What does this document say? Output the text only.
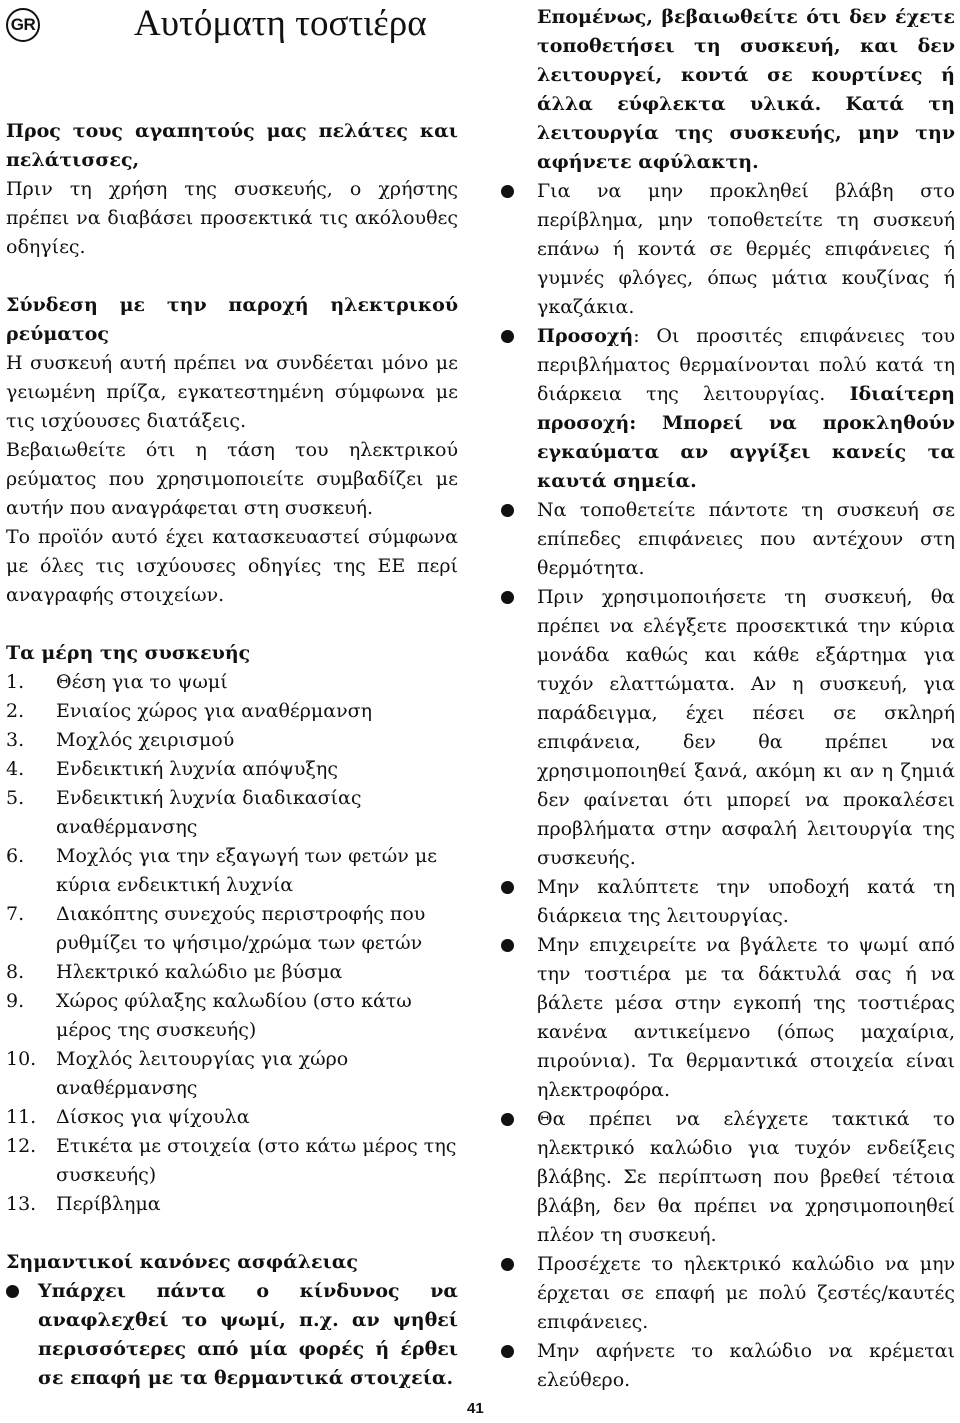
GR	Αυτόματη τοστιέρα

Προς τους αγαπητούς μας πελάτες και πελάτισσες,

Πριν τη χρήση της συσκευής, ο χρήστης πρέπει να διαβάσει προσεκτικά τις ακόλουθες οδηγίες.

Σύνδεση με την παροχή ηλεκτρικού ρεύματος

Η συσκευή αυτή πρέπει να συνδέεται μόνο με γειωμένη πρίζα, εγκατεστημένη σύμφωνα με τις ισχύουσες διατάξεις.

Βεβαιωθείτε ότι η τάση του ηλεκτρικού ρεύματος που χρησιμοποιείτε συμβαδίζει με αυτήν που αναγράφεται στη συσκευή.

Το προϊόν αυτό έχει κατασκευαστεί σύμφωνα με όλες τις ισχύουσες οδηγίες της ΕΕ περί αναγραφής στοιχείων.

Τα μέρη της συσκευής

1. Θέση για το ψωμί
2. Ενιαίος χώρος για αναθέρμανση
3. Μοχλός χειρισμού
4. Ενδεικτική λυχνία απόψυξης
5. Ενδεικτική λυχνία διαδικασίας αναθέρμανσης
6. Μοχλός για την εξαγωγή των φετών με κύρια ενδεικτική λυχνία
7. Διακόπτης συνεχούς περιστροφής που ρυθμίζει το ψήσιμο/χρώμα των φετών
8. Ηλεκτρικό καλώδιο με βύσμα
9. Χώρος φύλαξης καλωδίου (στο κάτω μέρος της συσκευής)
10. Μοχλός λειτουργίας για χώρο αναθέρμανσης
11. Δίσκος για ψίχουλα
12. Ετικέτα με στοιχεία (στο κάτω μέρος της συσκευής)
13. Περίβλημα

Σημαντικοί κανόνες ασφάλειας

Υπάρχει πάντα ο κίνδυνος να αναφλεχθεί το ψωμί, π.χ. αν ψηθεί περισσότερες από μία φορές ή έρθει σε επαφή με τα θερμαντικά στοιχεία.

Επομένως, βεβαιωθείτε ότι δεν έχετε τοποθετήσει τη συσκευή, και δεν λειτουργεί, κοντά σε κουρτίνες ή άλλα εύφλεκτα υλικά. Κατά τη λειτουργία της συσκευής, μην την αφήνετε αφύλακτη.

Για να μην προκληθεί βλάβη στο περίβλημα, μην τοποθετείτε τη συσκευή επάνω ή κοντά σε θερμές επιφάνειες ή γυμνές φλόγες, όπως μάτια κουζίνας ή γκαζάκια.
Προσοχή: Οι προσιτές επιφάνειες του περιβλήματος θερμαίνονται πολύ κατά τη διάρκεια της λειτουργίας. Ιδιαίτερη προσοχή: Μπορεί να προκληθούν εγκαύματα αν αγγίξει κανείς τα καυτά σημεία.
Να τοποθετείτε πάντοτε τη συσκευή σε επίπεδες επιφάνειες που αντέχουν στη θερμότητα.
Πριν χρησιμοποιήσετε τη συσκευή, θα πρέπει να ελέγξετε προσεκτικά την κύρια μονάδα καθώς και κάθε εξάρτημα για τυχόν ελαττώματα. Αν η συσκευή, για παράδειγμα, έχει πέσει σε σκληρή επιφάνεια, δεν θα πρέπει να χρησιμοποιηθεί ξανά, ακόμη κι αν η ζημιά δεν φαίνεται ότι μπορεί να προκαλέσει προβλήματα στην ασφαλή λειτουργία της συσκευής.
Μην καλύπτετε την υποδοχή κατά τη διάρκεια της λειτουργίας.
Μην επιχειρείτε να βγάλετε το ψωμί από την τοστιέρα με τα δάκτυλά σας ή να βάλετε μέσα στην εγκοπή της τοστιέρας κανένα αντικείμενο (όπως μαχαίρια, πιρούνια). Τα θερμαντικά στοιχεία είναι ηλεκτροφόρα.
Θα πρέπει να ελέγχετε τακτικά το ηλεκτρικό καλώδιο για τυχόν ενδείξεις βλάβης. Σε περίπτωση που βρεθεί τέτοια βλάβη, δεν θα πρέπει να χρησιμοποιηθεί πλέον τη συσκευή.
Προσέχετε το ηλεκτρικό καλώδιο να μην έρχεται σε επαφή με πολύ ζεστές/καυτές επιφάνειες.
Μην αφήνετε το καλώδιο να κρέμεται ελεύθερο.
41
